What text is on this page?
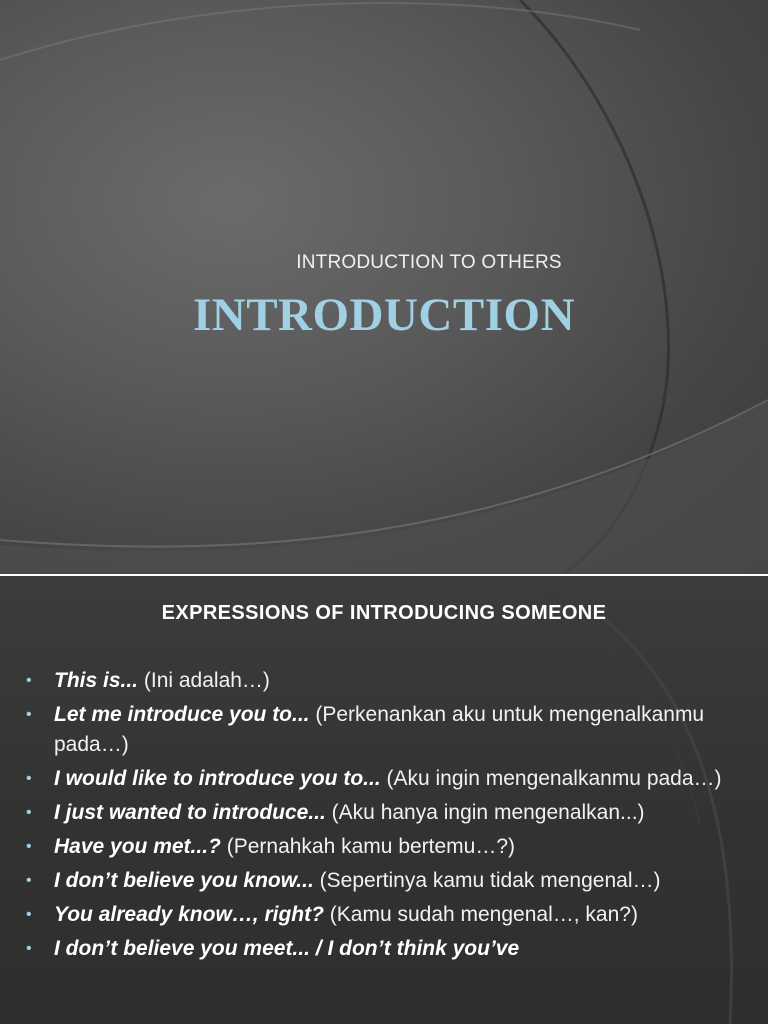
INTRODUCTION TO OTHERS
INTRODUCTION
EXPRESSIONS OF INTRODUCING SOMEONE
• This is... (Ini adalah…)
• Let me introduce you to... (Perkenankan aku untuk mengenalkanmu pada…)
• I would like to introduce you to... (Aku ingin mengenalkanmu pada…)
• I just wanted to introduce... (Aku hanya ingin mengenalkan...)
• Have you met...? (Pernahkah kamu bertemu…?)
• I don’t believe you know... (Sepertinya kamu tidak mengenal…)
• You already know…, right? (Kamu sudah mengenal…, kan?)
• I don’t believe you meet... / I don’t think you’ve
